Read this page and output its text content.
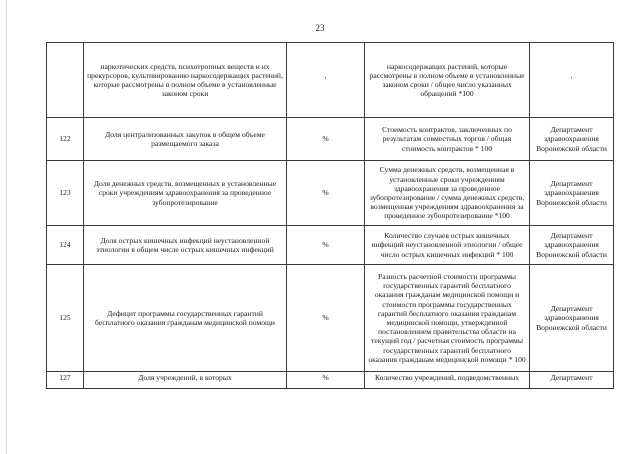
23
	наркотических средств, психотропных веществ и их прекурсоров, культивированию наркосодержащих растений, которые рассмотрены в полном объеме в установленные законом сроки	'	наркосодержащих растений, которые рассмотрены в полном объеме в установленные законом сроки / общее число указанных обращений *100	'
122	Доля централизованных закупок в общем объеме размещаемого заказа	%	Стоимость контрактов, заключенных по результатам совместных торгов / общая стоимость контрактов * 100	Департамент здравоохранения Воронежской области
123	Доля денежных средств, возмещенных в установленные сроки учреждениям здравоохранения за проведенное зубопротезирование	%	Сумма денежных средств, возмещенная в установленные сроки учреждениям здравоохранения за проведенное зубопротезирование / сумма денежных средств, возмещенная учреждениям здравоохранения за проведенное зубопротезирование *100	Департамент здравоохранения Воронежской области
124	Доля острых кишечных инфекций неустановленной этиологии в общем числе острых кишечных инфекций	%	Количество случаев острых кишечных инфекций неустановленной этиологии / общее число острых кишечных инфекций * 100	Департамент здравоохранения Воронежской области
125	Дефицит программы государственных гарантий бесплатного оказания гражданам медицинской помощи	%	Разность расчетной стоимости программы государственных гарантий бесплатного оказания гражданам медицинской помощи и стоимости программы государственных гарантий бесплатного оказания гражданам медицинской помощи, утвержденной постановлением правительства области на текущий год / расчетная стоимость программы государственных гарантий бесплатного оказания гражданам медицинской помощи * 100	Департамент здравоохранения Воронежской области
127	Доля учреждений, в которых	%	Количество учреждений, подведомственных	Департамент
